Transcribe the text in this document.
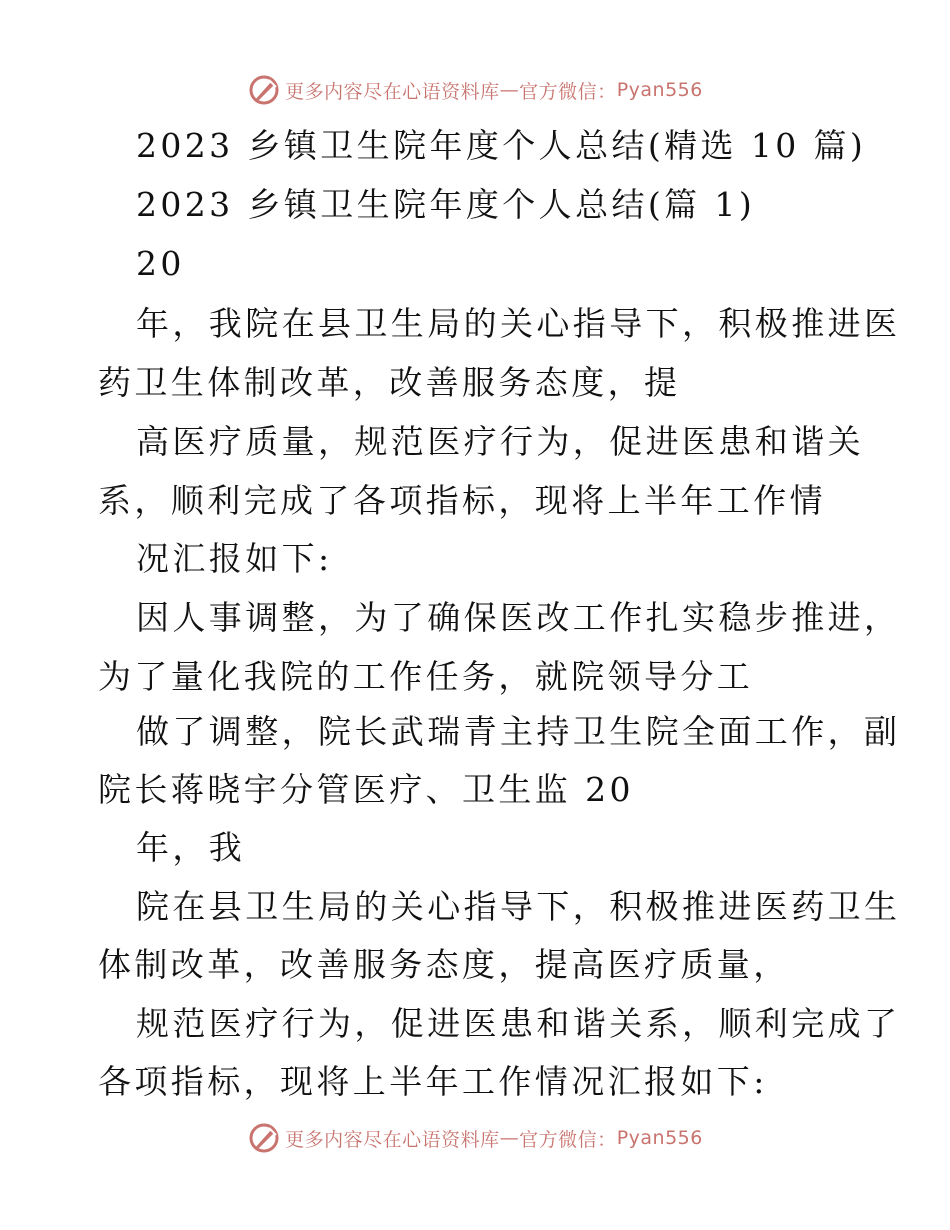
更多内容尽在心语资料库 — 官方微信： Pyan556
2023 乡镇卫生院年度个人总结(精选 10 篇)
2023 乡镇卫生院年度个人总结(篇 1)
20
年，我院在县卫生局的关心指导下，积极推进医
药卫生体制改革，改善服务态度，提
高医疗质量，规范医疗行为，促进医患和谐关
系，顺利完成了各项指标，现将上半年工作情
况汇报如下:
因人事调整，为了确保医改工作扎实稳步推进，
为了量化我院的工作任务，就院领导分工
做了调整，院长武瑞青主持卫生院全面工作，副
院长蒋晓宇分管医疗、卫生监 20
年，我
院在县卫生局的关心指导下，积极推进医药卫生
体制改革，改善服务态度，提高医疗质量，
规范医疗行为，促进医患和谐关系，顺利完成了
各项指标，现将上半年工作情况汇报如下:
更多内容尽在心语资料库 — 官方微信： Pyan556
